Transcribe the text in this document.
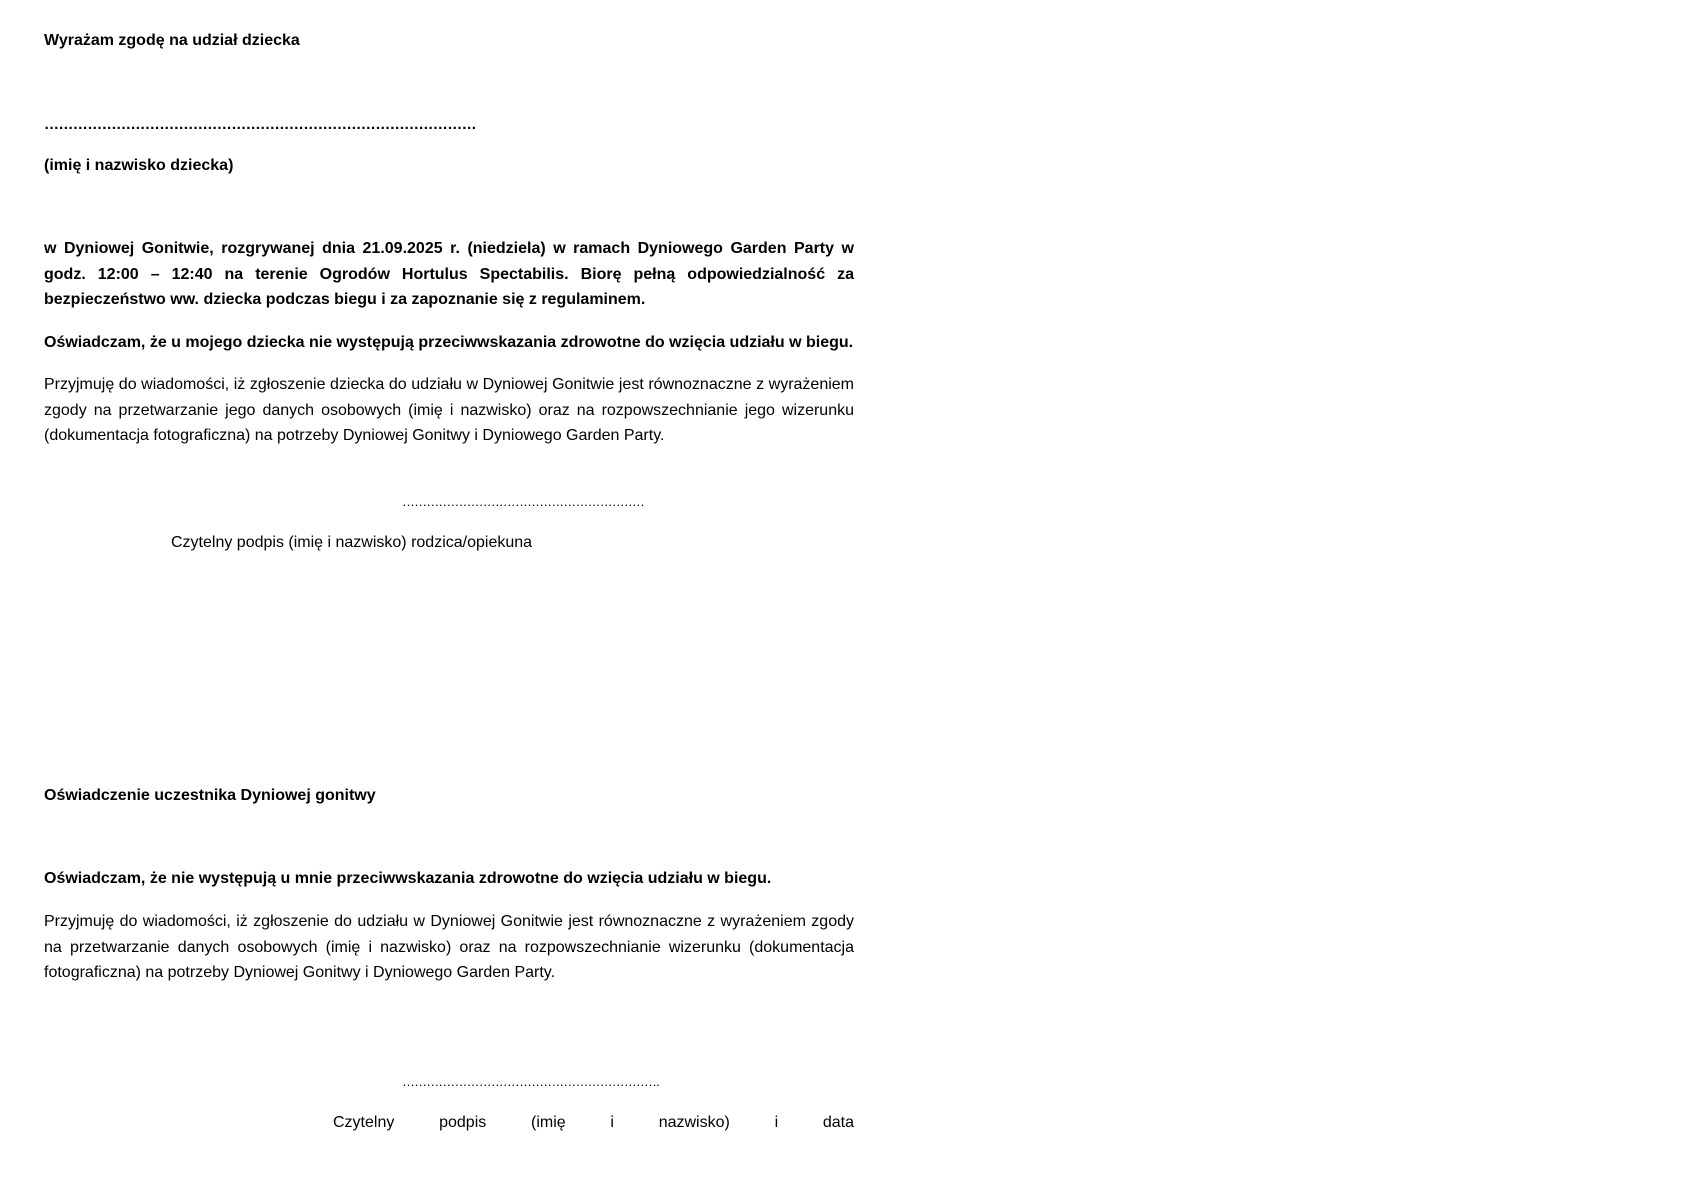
Wyrażam zgodę na udział dziecka
………………………………………………………………………………
(imię i nazwisko dziecka)
w Dyniowej Gonitwie, rozgrywanej dnia 21.09.2025 r. (niedziela) w ramach Dyniowego Garden Party w godz. 12:00 – 12:40 na terenie Ogrodów Hortulus Spectabilis. Biorę pełną odpowiedzialność za bezpieczeństwo ww. dziecka podczas biegu i za zapoznanie się z regulaminem.
Oświadczam, że u mojego dziecka nie występują przeciwwskazania zdrowotne do wzięcia udziału w biegu.
Przyjmuję do wiadomości, iż zgłoszenie dziecka do udziału w Dyniowej Gonitwie jest równoznaczne z wyrażeniem zgody na przetwarzanie jego danych osobowych (imię i nazwisko) oraz na rozpowszechnianie jego wizerunku (dokumentacja fotograficzna) na potrzeby Dyniowej Gonitwy i Dyniowego Garden Party.
……………………………………………………
Czytelny podpis (imię i nazwisko) rodzica/opiekuna
Oświadczenie uczestnika Dyniowej gonitwy
Oświadczam, że nie występują u mnie przeciwwskazania zdrowotne do wzięcia udziału w biegu.
Przyjmuję do wiadomości, iż zgłoszenie do udziału w Dyniowej Gonitwie jest równoznaczne z wyrażeniem zgody na przetwarzanie danych osobowych (imię i nazwisko) oraz na rozpowszechnianie wizerunku (dokumentacja fotograficzna) na potrzeby Dyniowej Gonitwy i Dyniowego Garden Party.
……………………………………………………….
Czytelny	podpis	(imię	i	nazwisko)	i	data
